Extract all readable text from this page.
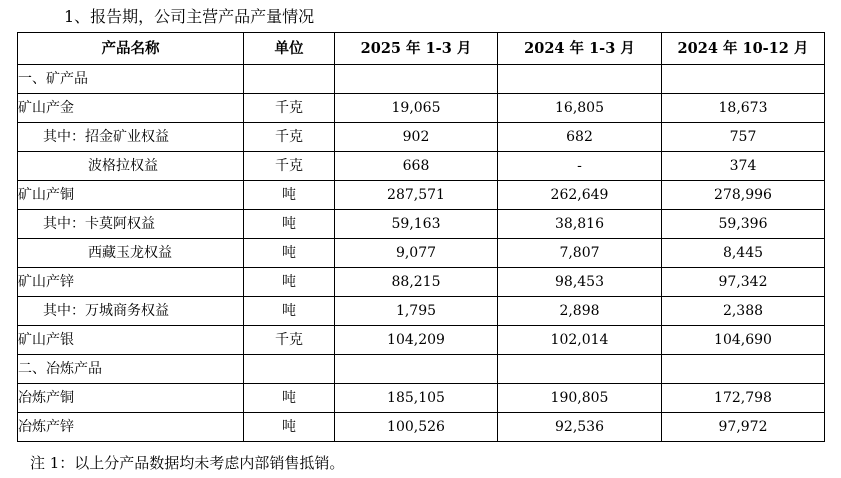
1、报告期，公司主营产品产量情况
产品名称	单位	2025 年 1-3 月	2024 年 1-3 月	2024 年 10-12 月
一、矿产品				
矿山产金	千克	19,065	16,805	18,673
其中：招金矿业权益	千克	902	682	757
波格拉权益	千克	668	-	374
矿山产铜	吨	287,571	262,649	278,996
其中：卡莫阿权益	吨	59,163	38,816	59,396
西藏玉龙权益	吨	9,077	7,807	8,445
矿山产锌	吨	88,215	98,453	97,342
其中：万城商务权益	吨	1,795	2,898	2,388
矿山产银	千克	104,209	102,014	104,690
二、冶炼产品				
冶炼产铜	吨	185,105	190,805	172,798
冶炼产锌	吨	100,526	92,536	97,972
注 1：以上分产品数据均未考虑内部销售抵销。
